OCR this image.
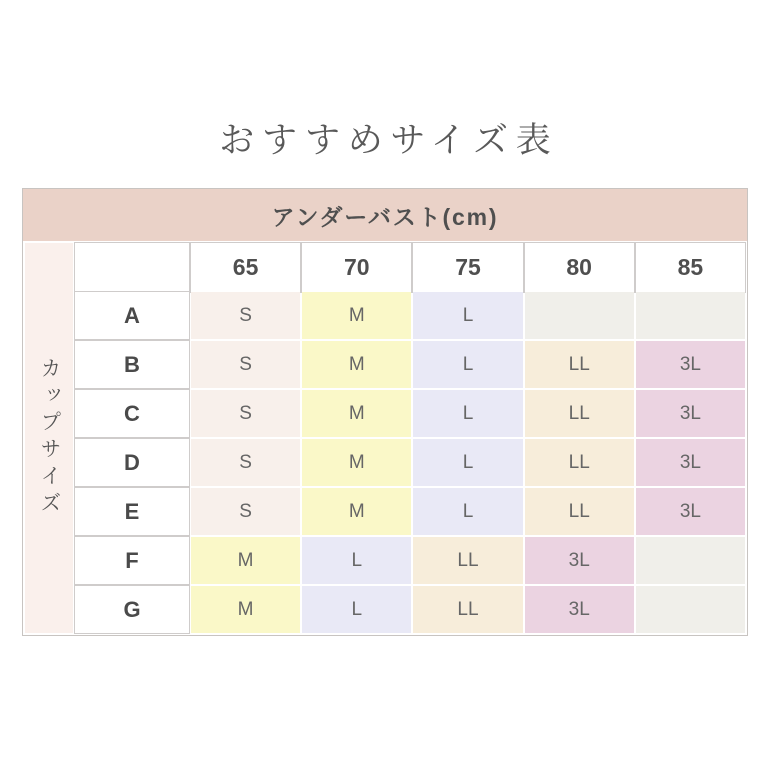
おすすめサイズ表
アンダーバスト(cm)
カップサイズ
65	70	75	80	85
A	S	M	L
B	S	M	L	LL	3L
C	S	M	L	LL	3L
D	S	M	L	LL	3L
E	S	M	L	LL	3L
F	M	L	LL	3L
G	M	L	LL	3L
